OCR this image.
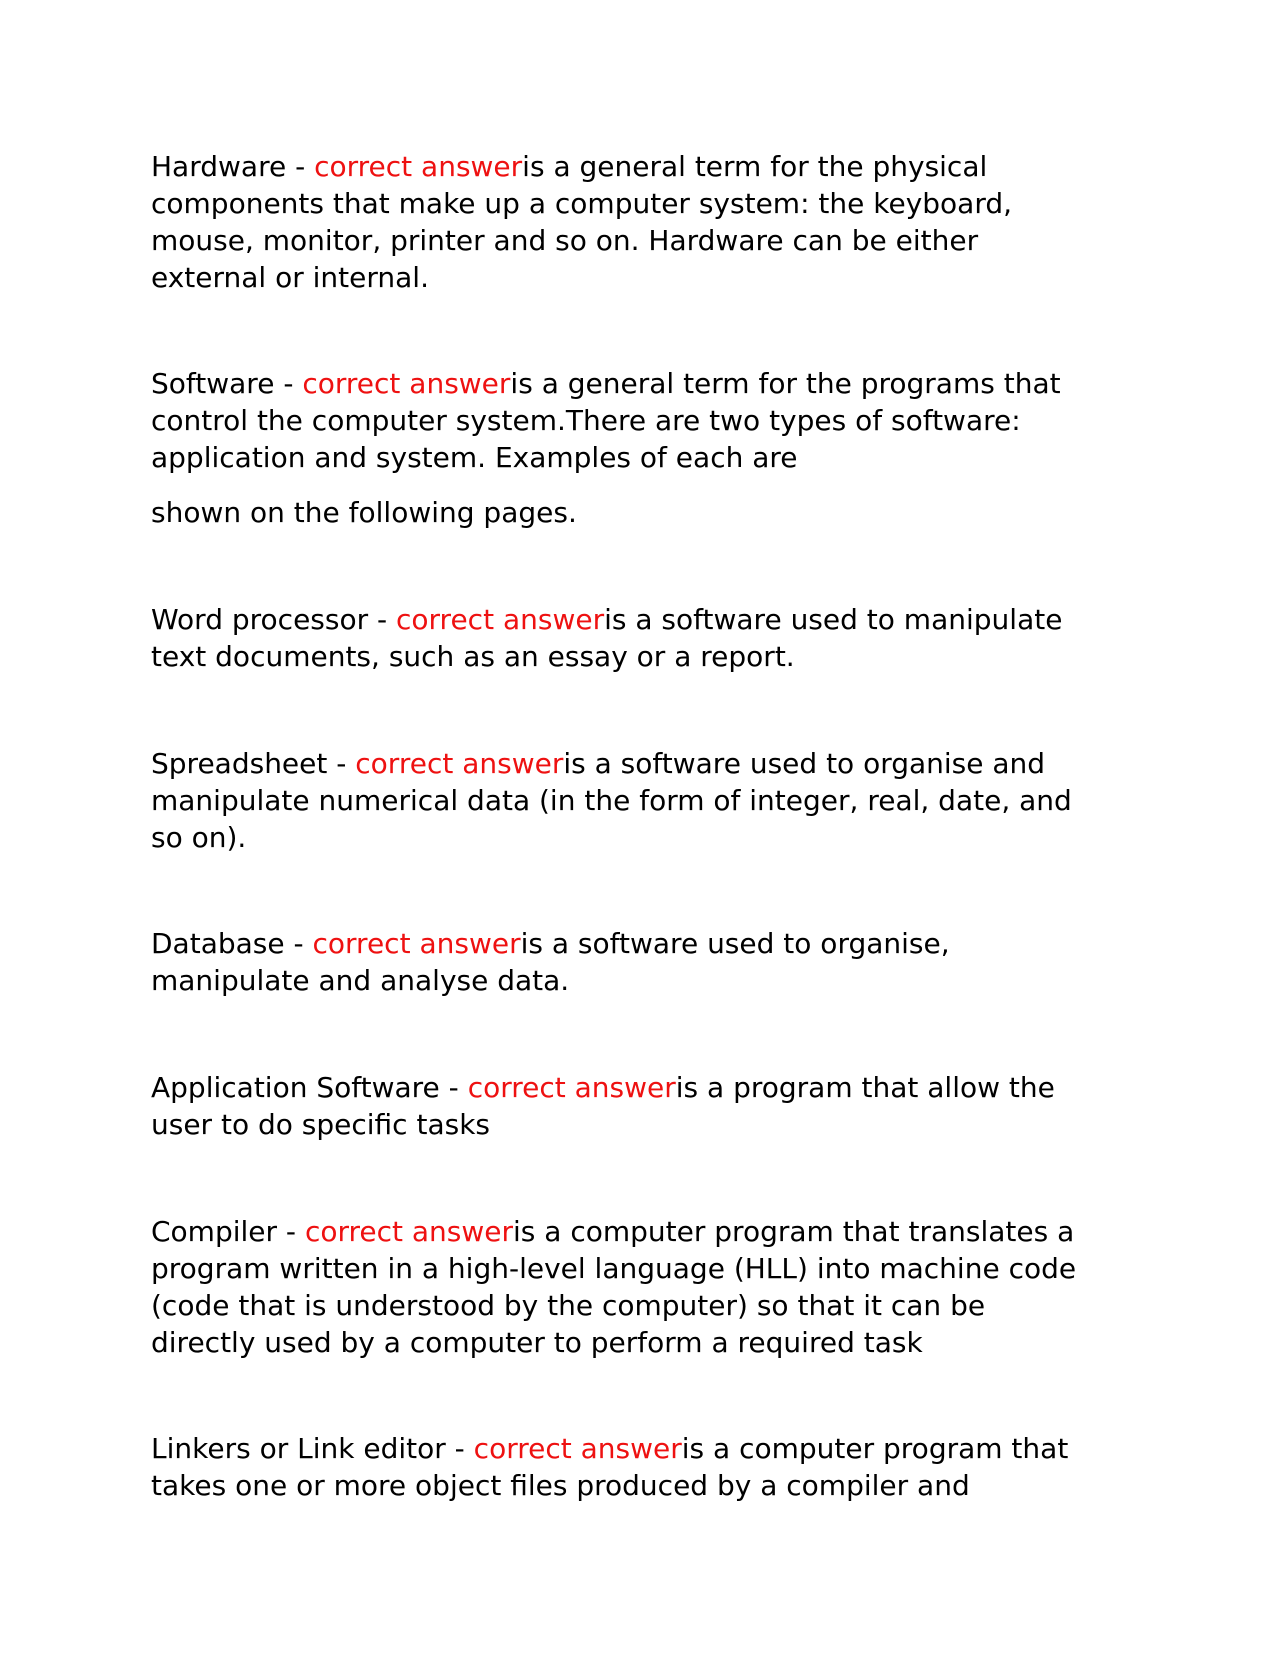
Hardware - correct answeris a general term for the physical
components that make up a computer system: the keyboard,
mouse, monitor, printer and so on. Hardware can be either
external or internal.

Software - correct answeris a general term for the programs that
control the computer system.There are two types of software:
application and system. Examples of each are

shown on the following pages.

Word processor - correct answeris a software used to manipulate
text documents, such as an essay or a report.

Spreadsheet - correct answeris a software used to organise and
manipulate numerical data (in the form of integer, real, date, and
so on).

Database - correct answeris a software used to organise,
manipulate and analyse data.

Application Software - correct answeris a program that allow the
user to do specific tasks

Compiler - correct answeris a computer program that translates a
program written in a high-level language (HLL) into machine code
(code that is understood by the computer) so that it can be
directly used by a computer to perform a required task

Linkers or Link editor - correct answeris a computer program that
takes one or more object files produced by a compiler and
